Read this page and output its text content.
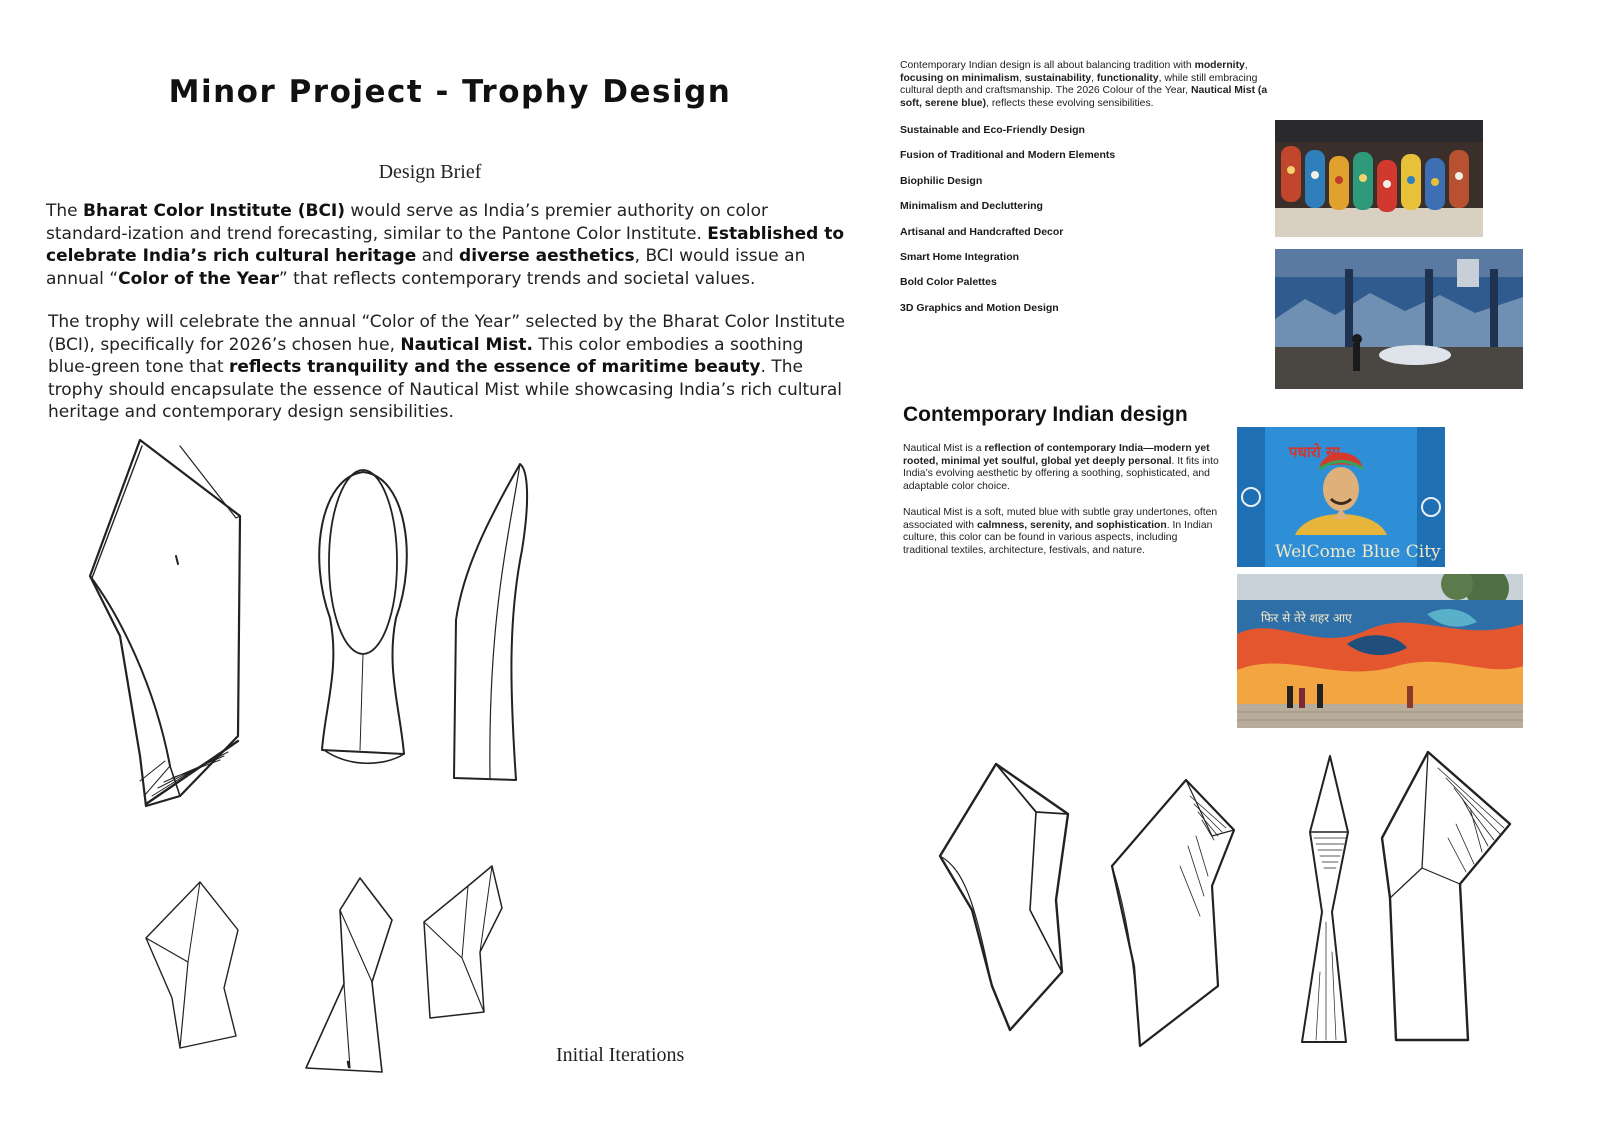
Minor Project - Trophy Design
Design Brief
The Bharat Color Institute (BCI) would serve as India’s premier authority on color standard-ization and trend forecasting, similar to the Pantone Color Institute. Established to celebrate India’s rich cultural heritage and diverse aesthetics, BCI would issue an annual “Color of the Year” that reflects contemporary trends and societal values.
The trophy will celebrate the annual “Color of the Year” selected by the Bharat Color Institute (BCI), specifically for 2026’s chosen hue, Nautical Mist. This color embodies a soothing blue-green tone that reflects tranquility and the essence of maritime beauty. The trophy should encapsulate the essence of Nautical Mist while showcasing India’s rich cultural heritage and contemporary design sensibilities.
Initial Iterations
Contemporary Indian design is all about balancing tradition with modernity, focusing on minimalism, sustainability, functionality, while still embracing cultural depth and craftsmanship. The 2026 Colour of the Year, Nautical Mist (a soft, serene blue), reflects these evolving sensibilities.
Sustainable and Eco-Friendly Design
Fusion of Traditional and Modern Elements
Biophilic Design
Minimalism and Decluttering
Artisanal and Handcrafted Decor
Smart Home Integration
Bold Color Palettes
3D Graphics and Motion Design
Contemporary Indian design
Nautical Mist is a reflection of contemporary India—modern yet rooted, minimal yet soulful, global yet deeply personal. It fits into India’s evolving aesthetic by offering a soothing, sophisticated, and adaptable color choice.
Nautical Mist is a soft, muted blue with subtle gray undertones, often associated with calmness, serenity, and sophistication. In Indian culture, this color can be found in various aspects, including traditional textiles, architecture, festivals, and nature.
पधारो सा
WelCome Blue City
फिर से तेरे शहर आए
